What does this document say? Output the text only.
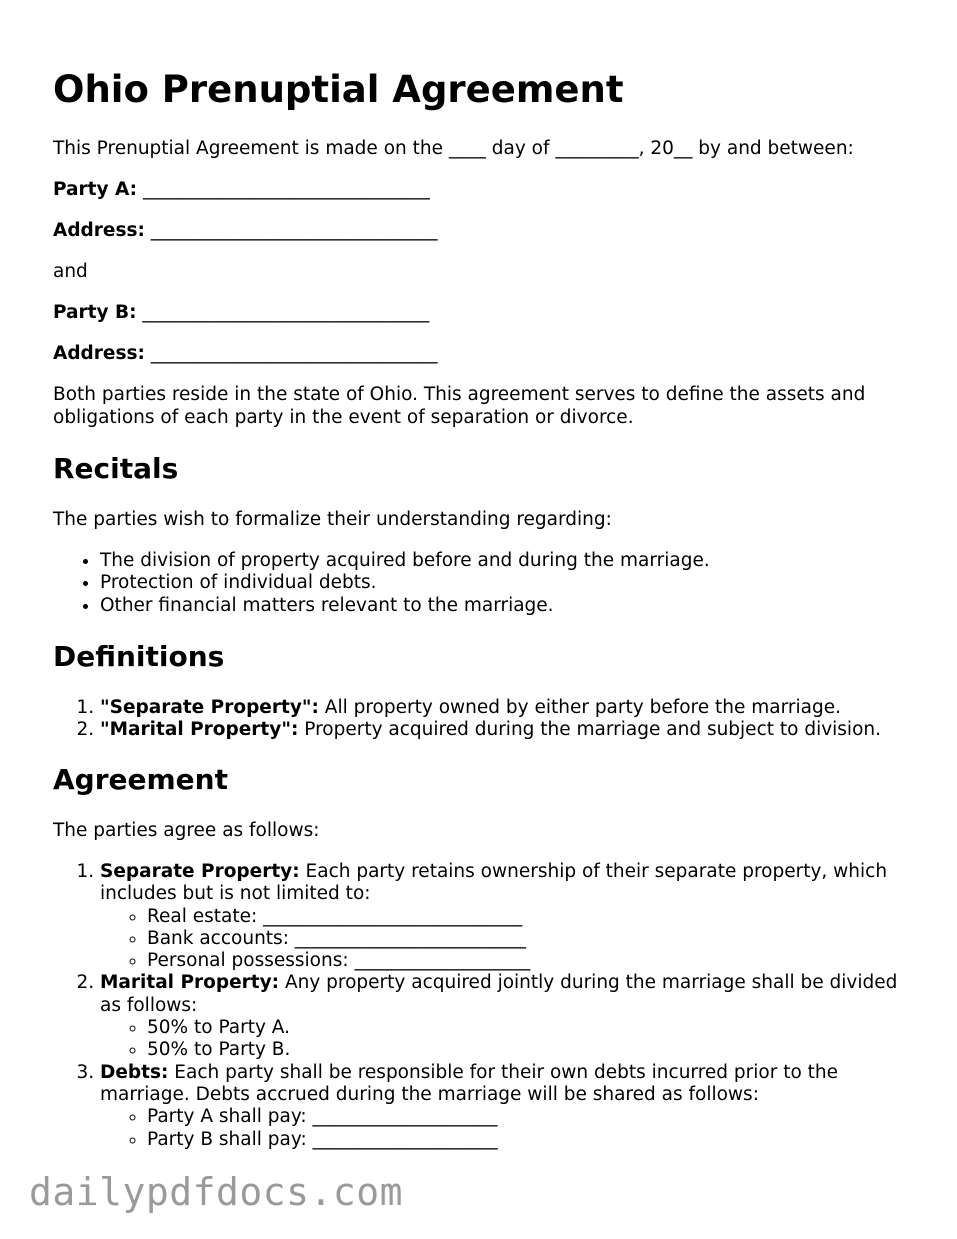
Ohio Prenuptial Agreement

This Prenuptial Agreement is made on the ____ day of _________, 20__ by and between:

Party A: _______________________________

Address: _______________________________

and

Party B: _______________________________

Address: _______________________________

Both parties reside in the state of Ohio. This agreement serves to define the assets and obligations of each party in the event of separation or divorce.

Recitals

The parties wish to formalize their understanding regarding:

• The division of property acquired before and during the marriage.
• Protection of individual debts.
• Other financial matters relevant to the marriage.
Definitions
1. "Separate Property": All property owned by either party before the marriage.
2. "Marital Property": Property acquired during the marriage and subject to division.
Agreement

The parties agree as follows:

1. Separate Property: Each party retains ownership of their separate property, which includes but is not limited to:
◦ Real estate: ____________________________
◦ Bank accounts: _________________________
◦ Personal possessions: ___________________
2. Marital Property: Any property acquired jointly during the marriage shall be divided as follows:
◦ 50% to Party A.
◦ 50% to Party B.
3. Debts: Each party shall be responsible for their own debts incurred prior to the marriage. Debts accrued during the marriage will be shared as follows:
◦ Party A shall pay: ____________________
◦ Party B shall pay: ____________________
dailypdfdocs.com
